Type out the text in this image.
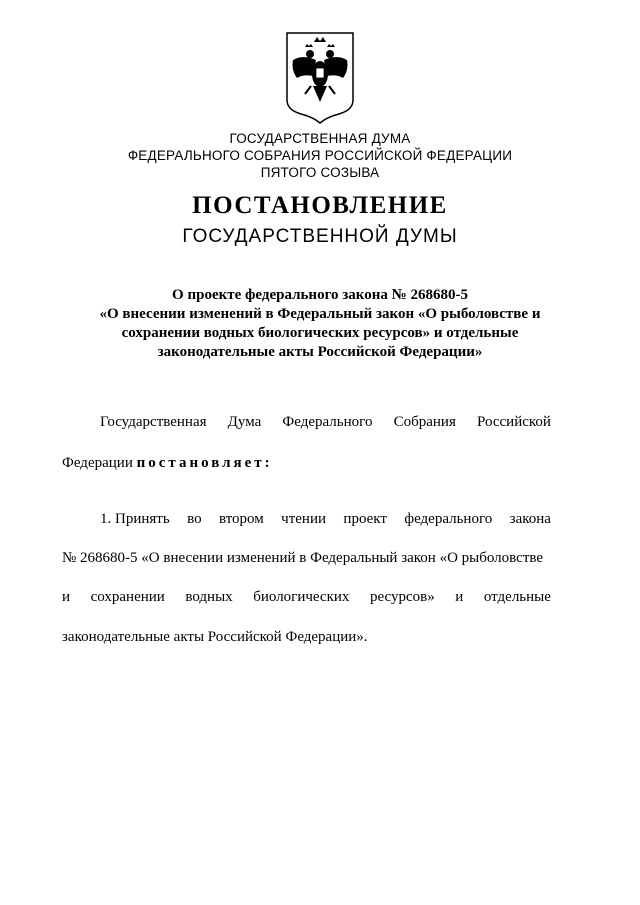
ГОСУДАРСТВЕННАЯ ДУМА
ФЕДЕРАЛЬНОГО СОБРАНИЯ РОССИЙСКОЙ ФЕДЕРАЦИИ
ПЯТОГО СОЗЫВА
ПОСТАНОВЛЕНИЕ
ГОСУДАРСТВЕННОЙ ДУМЫ
О проекте федерального закона № 268680-5
«О внесении изменений в Федеральный закон «О рыболовстве и
сохранении водных биологических ресурсов» и отдельные
законодательные акты Российской Федерации»
Государственная Дума Федерального Собрания Российской
Федерации постановляет:
1. Принять во втором чтении проект федерального закона
№ 268680-5 «О внесении изменений в Федеральный закон «О рыболовстве
и сохранении водных биологических ресурсов» и отдельные
законодательные акты Российской Федерации».
